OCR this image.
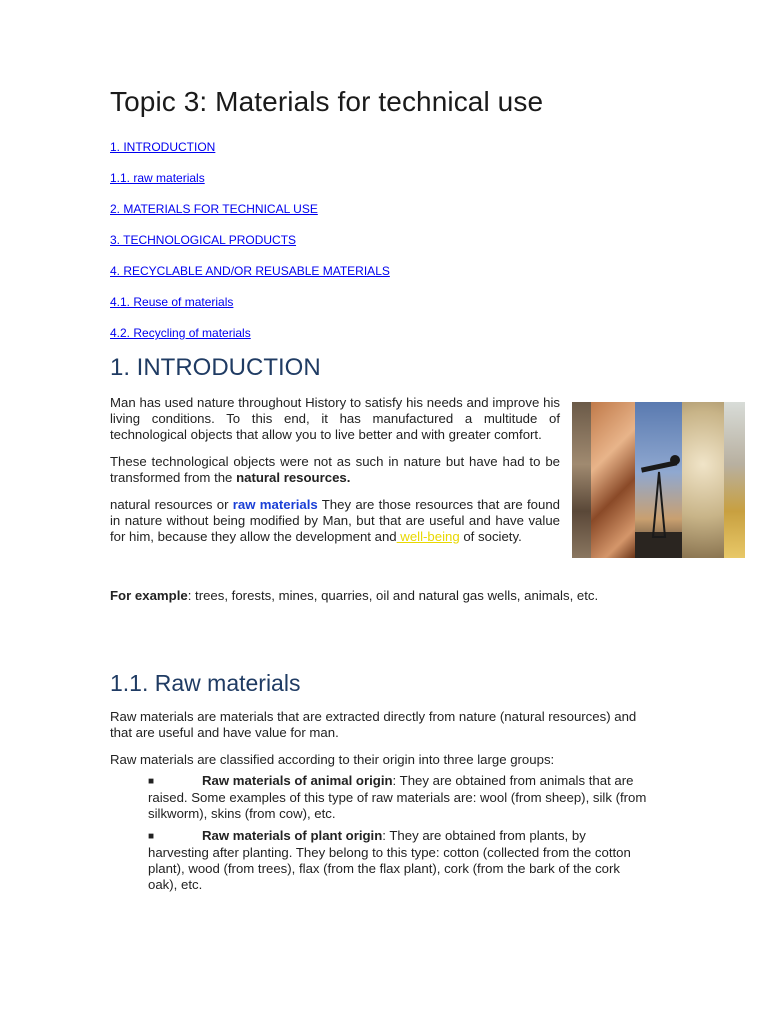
Topic 3: Materials for technical use
1. INTRODUCTION
1.1. raw materials
2. MATERIALS FOR TECHNICAL USE
3. TECHNOLOGICAL PRODUCTS
4. RECYCLABLE AND/OR REUSABLE MATERIALS
4.1. Reuse of materials
4.2. Recycling of materials
1. INTRODUCTION

Man has used nature throughout History to satisfy his needs and improve his living conditions. To this end, it has manufactured a multitude of technological objects that allow you to live better and with greater comfort.

These technological objects were not as such in nature but have had to be transformed from the natural resources.

natural resources or raw materials They are those resources that are found in nature without being modified by Man, but that are useful and have value for him, because they allow the development and well-being of society.

For example: trees, forests, mines, quarries, oil and natural gas wells, animals, etc.

1.1. Raw materials

Raw materials are materials that are extracted directly from nature (natural resources) and that are useful and have value for man.

Raw materials are classified according to their origin into three large groups:

■	Raw materials of animal origin: They are obtained from animals that are raised. Some examples of this type of raw materials are: wool (from sheep), silk (from silkworm), skins (from cow), etc.
■	Raw materials of plant origin: They are obtained from plants, by harvesting after planting. They belong to this type: cotton (collected from the cotton plant), wood (from trees), flax (from the flax plant), cork (from the bark of the cork oak), etc.
